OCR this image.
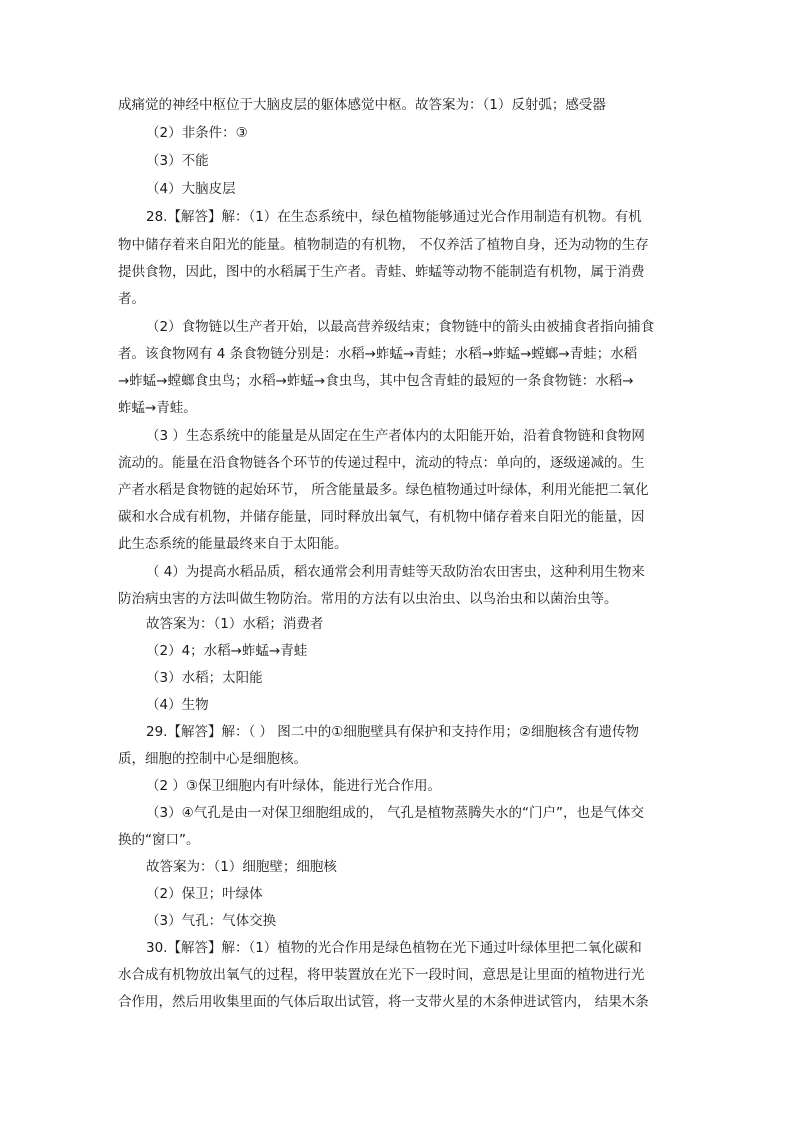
成痛觉的神经中枢位于大脑皮层的躯体感觉中枢。故答案为：（1）反射弧；感受器
（2）非条件：③
（3）不能
（4）大脑皮层
28.【解答】解：（1）在生态系统中，绿色植物能够通过光合作用制造有机物。有机
物中储存着来自阳光的能量。植物制造的有机物， 不仅养活了植物自身，还为动物的生存
提供食物，因此，图中的水稻属于生产者。青蛙、蚱蜢等动物不能制造有机物，属于消费
者。
（2）食物链以生产者开始，以最高营养级结束；食物链中的箭头由被捕食者指向捕食
者。该食物网有 4 条食物链分别是：水稻→蚱蜢→青蛙；水稻→蚱蜢→螳螂→青蛙；水稻
→蚱蜢→螳螂食虫鸟；水稻→蚱蜢→食虫鸟，其中包含青蛙的最短的一条食物链：水稻→
蚱蜢→青蛙。
（3 ）生态系统中的能量是从固定在生产者体内的太阳能开始，沿着食物链和食物网
流动的。能量在沿食物链各个环节的传递过程中，流动的特点：单向的，逐级递减的。生
产者水稻是食物链的起始环节， 所含能量最多。绿色植物通过叶绿体，利用光能把二氧化
碳和水合成有机物，并储存能量，同时释放出氧气，有机物中储存着来自阳光的能量，因
此生态系统的能量最终来自于太阳能。
（ 4）为提高水稻品质，稻农通常会利用青蛙等天敌防治农田害虫，这种利用生物来
防治病虫害的方法叫做生物防治。常用的方法有以虫治虫、以鸟治虫和以菌治虫等。
故答案为：（1）水稻；消费者
（2）4；水稻→蚱蜢→青蛙
（3）水稻；太阳能
（4）生物
29.【解答】解：（ ） 图二中的①细胞壁具有保护和支持作用；②细胞核含有遗传物
质，细胞的控制中心是细胞核。
（2 ）③保卫细胞内有叶绿体，能进行光合作用。
（3）④气孔是由一对保卫细胞组成的， 气孔是植物蒸腾失水的“门户”，也是气体交
换的“窗口”。
故答案为：（1）细胞壁；细胞核
（2）保卫；叶绿体
（3）气孔：气体交换
30.【解答】解：（1）植物的光合作用是绿色植物在光下通过叶绿体里把二氧化碳和
水合成有机物放出氧气的过程，将甲装置放在光下一段时间，意思是让里面的植物进行光
合作用，然后用收集里面的气体后取出试管，将一支带火星的木条伸进试管内， 结果木条
